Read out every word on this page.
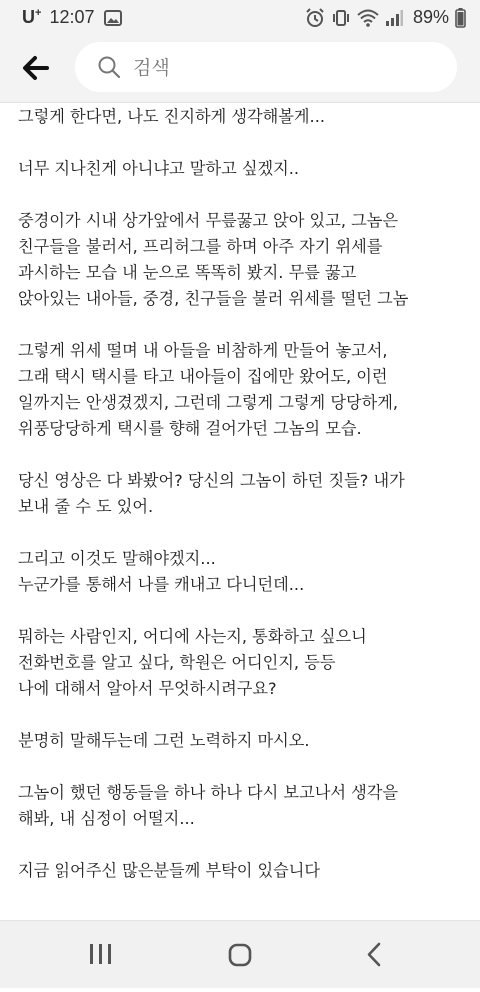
U+ 12:07	89%
검색
그렇게 한다면, 나도 진지하게 생각해볼게...
너무 지나친게 아니냐고 말하고 싶겠지..
중경이가 시내 상가앞에서 무릎꿇고 앉아 있고, 그놈은
친구들을 불러서, 프리허그를 하며 아주 자기 위세를
과시하는 모습 내 눈으로 똑똑히 봤지. 무릎 꿇고
앉아있는 내아들, 중경, 친구들을 불러 위세를 떨던 그놈
그렇게 위세 떨며 내 아들을 비참하게 만들어 놓고서,
그래 택시 택시를 타고 내아들이 집에만 왔어도, 이런
일까지는 안생겼겠지, 그런데 그렇게 그렇게 당당하게,
위풍당당하게 택시를 향해 걸어가던 그놈의 모습.
당신 영상은 다 봐봤어? 당신의 그놈이 하던 짓들? 내가
보내 줄 수 도 있어.
그리고 이것도 말해야겠지...
누군가를 통해서 나를 캐내고 다니던데...
뭐하는 사람인지, 어디에 사는지, 통화하고 싶으니
전화번호를 알고 싶다, 학원은 어디인지, 등등
나에 대해서 알아서 무엇하시려구요?
분명히 말해두는데 그런 노력하지 마시오.
그놈이 했던 행동들을 하나 하나 다시 보고나서 생각을
해봐, 내 심정이 어떨지...
지금 읽어주신 많은분들께 부탁이 있습니다
